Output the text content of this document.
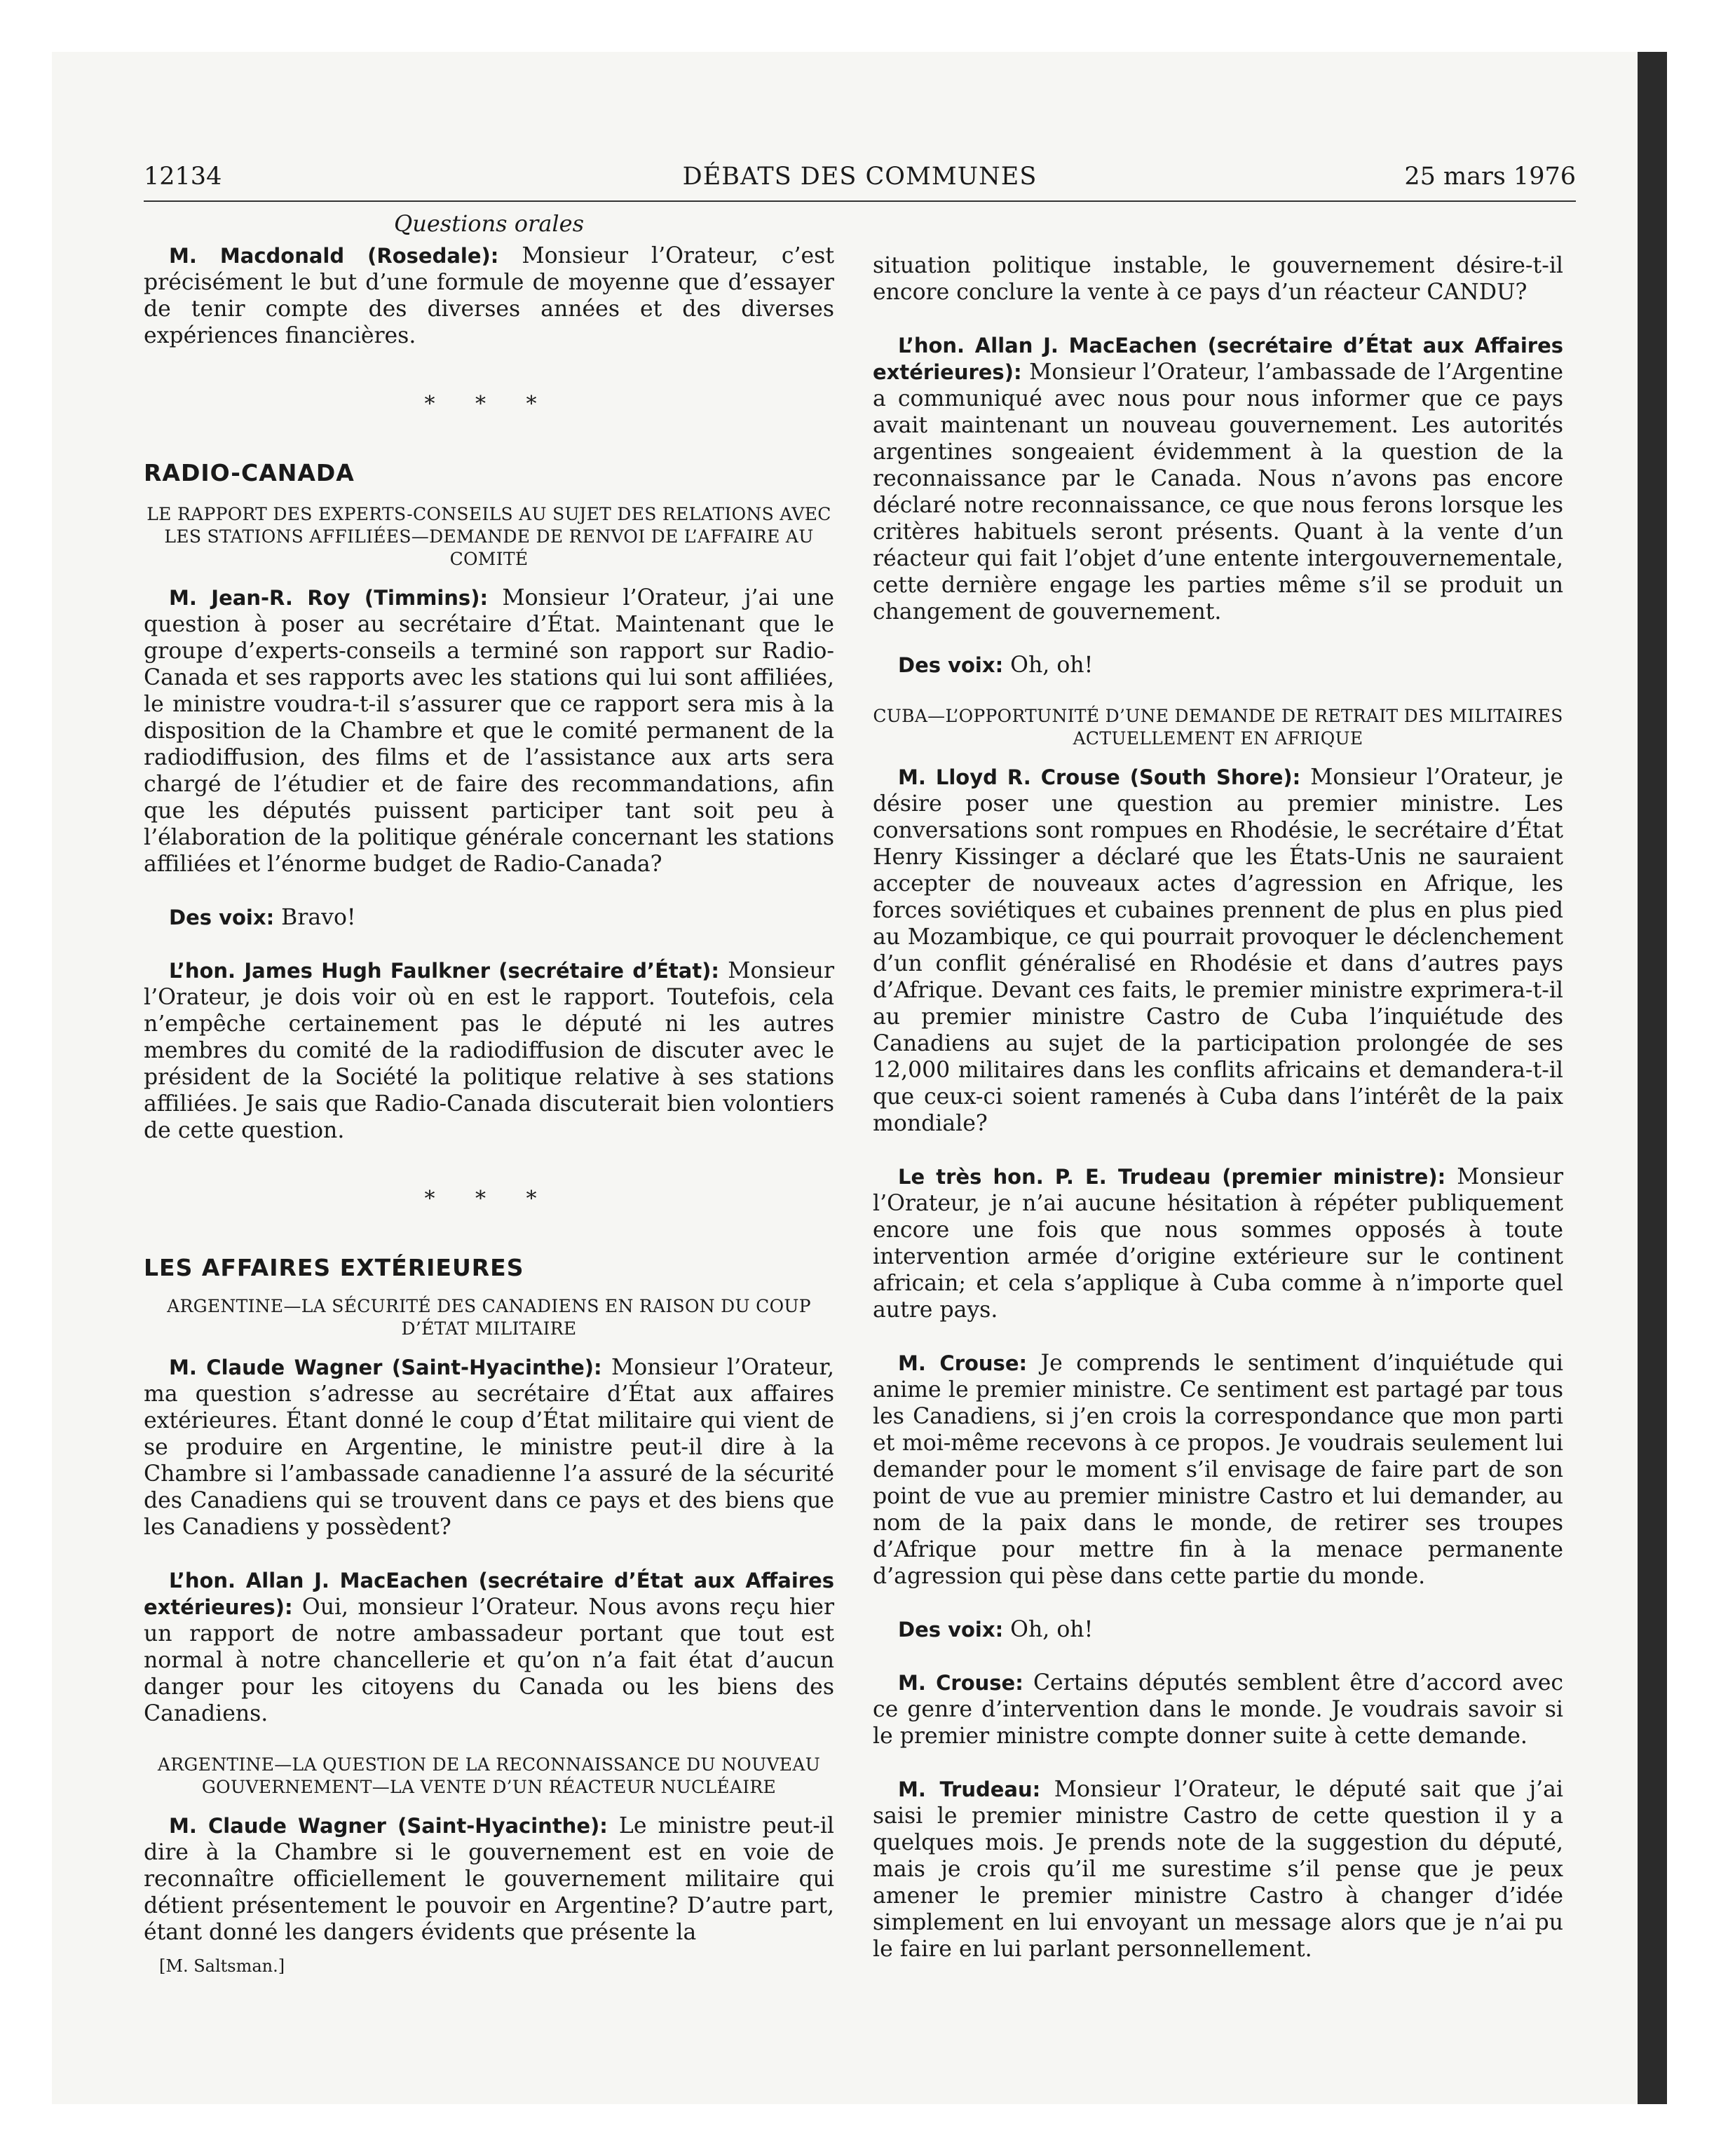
12134	DÉBATS DES COMMUNES	25 mars 1976
Questions orales

M. Macdonald (Rosedale): Monsieur l’Orateur, c’est précisément le but d’une formule de moyenne que d’essayer de tenir compte des diverses années et des diverses expériences financières.

* * *

RADIO-CANADA

LE RAPPORT DES EXPERTS-CONSEILS AU SUJET DES RELATIONS AVEC LES STATIONS AFFILIÉES—DEMANDE DE RENVOI DE L’AFFAIRE AU COMITÉ

M. Jean-R. Roy (Timmins): Monsieur l’Orateur, j’ai une question à poser au secrétaire d’État. Maintenant que le groupe d’experts-conseils a terminé son rapport sur Radio-Canada et ses rapports avec les stations qui lui sont affiliées, le ministre voudra-t-il s’assurer que ce rapport sera mis à la disposition de la Chambre et que le comité permanent de la radiodiffusion, des films et de l’assistance aux arts sera chargé de l’étudier et de faire des recommandations, afin que les députés puissent participer tant soit peu à l’élaboration de la politique générale concernant les stations affiliées et l’énorme budget de Radio-Canada?

Des voix: Bravo!

L’hon. James Hugh Faulkner (secrétaire d’État): Monsieur l’Orateur, je dois voir où en est le rapport. Toutefois, cela n’empêche certainement pas le député ni les autres membres du comité de la radiodiffusion de discuter avec le président de la Société la politique relative à ses stations affiliées. Je sais que Radio-Canada discuterait bien volontiers de cette question.

* * *

LES AFFAIRES EXTÉRIEURES

ARGENTINE—LA SÉCURITÉ DES CANADIENS EN RAISON DU COUP D’ÉTAT MILITAIRE

M. Claude Wagner (Saint-Hyacinthe): Monsieur l’Orateur, ma question s’adresse au secrétaire d’État aux affaires extérieures. Étant donné le coup d’État militaire qui vient de se produire en Argentine, le ministre peut-il dire à la Chambre si l’ambassade canadienne l’a assuré de la sécurité des Canadiens qui se trouvent dans ce pays et des biens que les Canadiens y possèdent?

L’hon. Allan J. MacEachen (secrétaire d’État aux Affaires extérieures): Oui, monsieur l’Orateur. Nous avons reçu hier un rapport de notre ambassadeur portant que tout est normal à notre chancellerie et qu’on n’a fait état d’aucun danger pour les citoyens du Canada ou les biens des Canadiens.

ARGENTINE—LA QUESTION DE LA RECONNAISSANCE DU NOUVEAU GOUVERNEMENT—LA VENTE D’UN RÉACTEUR NUCLÉAIRE

M. Claude Wagner (Saint-Hyacinthe): Le ministre peut-il dire à la Chambre si le gouvernement est en voie de reconnaître officiellement le gouvernement militaire qui détient présentement le pouvoir en Argentine? D’autre part, étant donné les dangers évidents que présente la

[M. Saltsman.]

situation politique instable, le gouvernement désire-t-il encore conclure la vente à ce pays d’un réacteur CANDU?

L’hon. Allan J. MacEachen (secrétaire d’État aux Affaires extérieures): Monsieur l’Orateur, l’ambassade de l’Argentine a communiqué avec nous pour nous informer que ce pays avait maintenant un nouveau gouvernement. Les autorités argentines songeaient évidemment à la question de la reconnaissance par le Canada. Nous n’avons pas encore déclaré notre reconnaissance, ce que nous ferons lorsque les critères habituels seront présents. Quant à la vente d’un réacteur qui fait l’objet d’une entente intergouvernementale, cette dernière engage les parties même s’il se produit un changement de gouvernement.

Des voix: Oh, oh!

CUBA—L’OPPORTUNITÉ D’UNE DEMANDE DE RETRAIT DES MILITAIRES ACTUELLEMENT EN AFRIQUE

M. Lloyd R. Crouse (South Shore): Monsieur l’Orateur, je désire poser une question au premier ministre. Les conversations sont rompues en Rhodésie, le secrétaire d’État Henry Kissinger a déclaré que les États-Unis ne sauraient accepter de nouveaux actes d’agression en Afrique, les forces soviétiques et cubaines prennent de plus en plus pied au Mozambique, ce qui pourrait provoquer le déclenchement d’un conflit généralisé en Rhodésie et dans d’autres pays d’Afrique. Devant ces faits, le premier ministre exprimera-t-il au premier ministre Castro de Cuba l’inquiétude des Canadiens au sujet de la participation prolongée de ses 12,000 militaires dans les conflits africains et demandera-t-il que ceux-ci soient ramenés à Cuba dans l’intérêt de la paix mondiale?

Le très hon. P. E. Trudeau (premier ministre): Monsieur l’Orateur, je n’ai aucune hésitation à répéter publiquement encore une fois que nous sommes opposés à toute intervention armée d’origine extérieure sur le continent africain; et cela s’applique à Cuba comme à n’importe quel autre pays.

M. Crouse: Je comprends le sentiment d’inquiétude qui anime le premier ministre. Ce sentiment est partagé par tous les Canadiens, si j’en crois la correspondance que mon parti et moi-même recevons à ce propos. Je voudrais seulement lui demander pour le moment s’il envisage de faire part de son point de vue au premier ministre Castro et lui demander, au nom de la paix dans le monde, de retirer ses troupes d’Afrique pour mettre fin à la menace permanente d’agression qui pèse dans cette partie du monde.

Des voix: Oh, oh!

M. Crouse: Certains députés semblent être d’accord avec ce genre d’intervention dans le monde. Je voudrais savoir si le premier ministre compte donner suite à cette demande.

M. Trudeau: Monsieur l’Orateur, le député sait que j’ai saisi le premier ministre Castro de cette question il y a quelques mois. Je prends note de la suggestion du député, mais je crois qu’il me surestime s’il pense que je peux amener le premier ministre Castro à changer d’idée simplement en lui envoyant un message alors que je n’ai pu le faire en lui parlant personnellement.
